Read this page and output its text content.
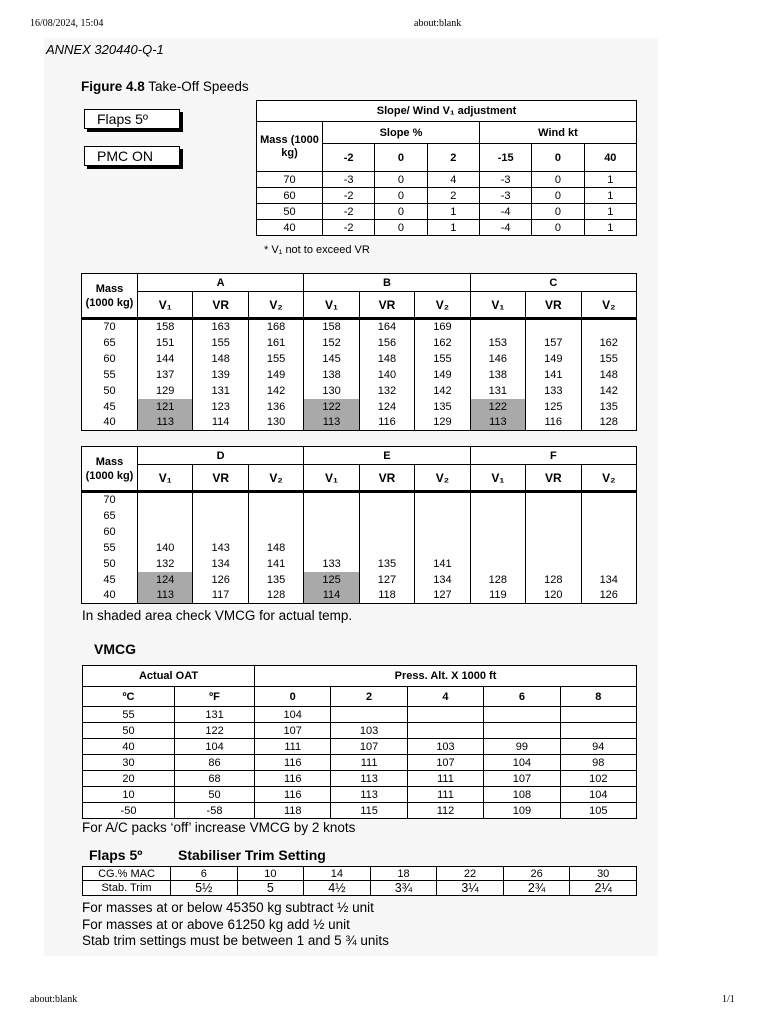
16/08/2024, 15:04	about:blank
about:blank	1/1
ANNEX 320440-Q-1
Figure 4.8 Take-Off Speeds
Flaps 5º
PMC ON
Slope/ Wind V₁ adjustment						
Mass (1000 kg)	Slope %			Wind kt		
	-2	0	2	-15	0	40
70	-3	0	4	-3	0	1
60	-2	0	2	-3	0	1
50	-2	0	1	-4	0	1
40	-2	0	1	-4	0	1
* V₁ not to exceed VR
Mass (1000 kg)	A			B			C		
	V₁	VR	V₂	V₁	VR	V₂	V₁	VR	V₂
70	158	163	168	158	164	169			
65	151	155	161	152	156	162	153	157	162
60	144	148	155	145	148	155	146	149	155
55	137	139	149	138	140	149	138	141	148
50	129	131	142	130	132	142	131	133	142
45	121	123	136	122	124	135	122	125	135
40	113	114	130	113	116	129	113	116	128
Mass (1000 kg)	D			E			F		
	V₁	VR	V₂	V₁	VR	V₂	V₁	VR	V₂
70									
65									
60									
55	140	143	148						
50	132	134	141	133	135	141			
45	124	126	135	125	127	134	128	128	134
40	113	117	128	114	118	127	119	120	126
In shaded area check VMCG for actual temp.
VMCG
Actual OAT		Press. Alt. X 1000 ft				
ºC	ºF	0	2	4	6	8
55	131	104				
50	122	107	103			
40	104	111	107	103	99	94
30	86	116	111	107	104	98
20	68	116	113	111	107	102
10	50	116	113	111	108	104
-50	-58	118	115	112	109	105
For A/C packs ‘off’ increase VMCG by 2 knots
Flaps 5º	Stabiliser Trim Setting
CG.% MAC	6	10	14	18	22	26	30
Stab. Trim	5½	5	4½	3¾	3¼	2¾	2¼
For masses at or below 45350 kg subtract ½ unit
For masses at or above 61250 kg add ½ unit
Stab trim settings must be between 1 and 5 ¾ units
